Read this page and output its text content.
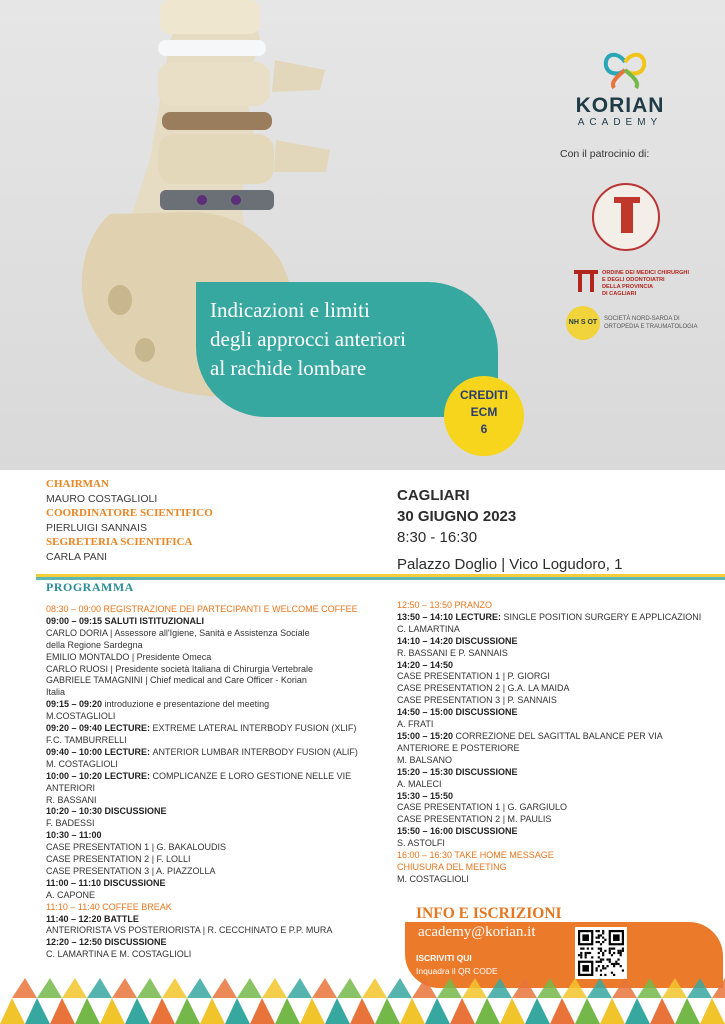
Indicazioni e limiti
degli approcci anteriori
al rachide lombare
CREDITI
ECM
6
KORIAN
ACADEMY
Con il patrocinio di:
ORDINE DEI MEDICI CHIRURGHI
E DEGLI ODONTOIATRI
DELLA PROVINCIA
DI CAGLIARI
NH S OT	SOCIETÀ NORD-SARDA DI
ORTOPEDIA E TRAUMATOLOGIA
CHAIRMAN
MAURO COSTAGLIOLI
COORDINATORE SCIENTIFICO
PIERLUIGI SANNAIS
SEGRETERIA SCIENTIFICA
CARLA PANI
CAGLIARI
30 GIUGNO 2023
8:30 - 16:30
Palazzo Doglio | Vico Logudoro, 1
PROGRAMMA
08:30 – 09:00 REGISTRAZIONE DEI PARTECIPANTI E WELCOME COFFEE
09:00 – 09:15 SALUTI ISTITUZIONALI
CARLO DORIA | Assessore all'Igiene, Sanità e Assistenza Sociale
della Regione Sardegna
EMILIO MONTALDO | Presidente Omeca
CARLO RUOSI | Presidente società Italiana di Chirurgia Vertebrale
GABRIELE TAMAGNINI | Chief medical and Care Officer - Korian
Italia
09:15 – 09:20 introduzione e presentazione del meeting
M.COSTAGLIOLI
09:20 – 09:40 LECTURE: EXTREME LATERAL INTERBODY FUSION (XLIF)
F.C. TAMBURRELLI
09:40 – 10:00 LECTURE: ANTERIOR LUMBAR INTERBODY FUSION (ALIF)
M. COSTAGLIOLI
10:00 – 10:20 LECTURE: COMPLICANZE E LORO GESTIONE NELLE VIE
ANTERIORI
R. BASSANI
10:20 – 10:30 DISCUSSIONE
F. BADESSI
10:30 – 11:00
CASE PRESENTATION 1 | G. BAKALOUDIS
CASE PRESENTATION 2 | F. LOLLI
CASE PRESENTATION 3 | A. PIAZZOLLA
11:00 – 11:10 DISCUSSIONE
A. CAPONE
11:10 – 11:40 COFFEE BREAK
11:40 – 12:20 BATTLE
ANTERIORISTA VS POSTERIORISTA | R. CECCHINATO E P.P. MURA
12:20 – 12:50 DISCUSSIONE
C. LAMARTINA E M. COSTAGLIOLI
12:50 – 13:50 PRANZO
13:50 – 14:10 LECTURE: SINGLE POSITION SURGERY E APPLICAZIONI
C. LAMARTINA
14:10 – 14:20 DISCUSSIONE
R. BASSANI E P. SANNAIS
14:20 – 14:50
CASE PRESENTATION 1 | P. GIORGI
CASE PRESENTATION 2 | G.A. LA MAIDA
CASE PRESENTATION 3 | P. SANNAIS
14:50 – 15:00 DISCUSSIONE
A. FRATI
15:00 – 15:20 CORREZIONE DEL SAGITTAL BALANCE PER VIA
ANTERIORE E POSTERIORE
M. BALSANO
15:20 – 15:30 DISCUSSIONE
A. MALECI
15:30 – 15:50
CASE PRESENTATION 1 | G. GARGIULO
CASE PRESENTATION 2 | M. PAULIS
15:50 – 16:00 DISCUSSIONE
S. ASTOLFI
16:00 – 16:30 TAKE HOME MESSAGE
CHIUSURA DEL MEETING
M. COSTAGLIOLI
INFO E ISCRIZIONI
academy@korian.it
ISCRIVITI QUI
Inquadra il QR CODE
